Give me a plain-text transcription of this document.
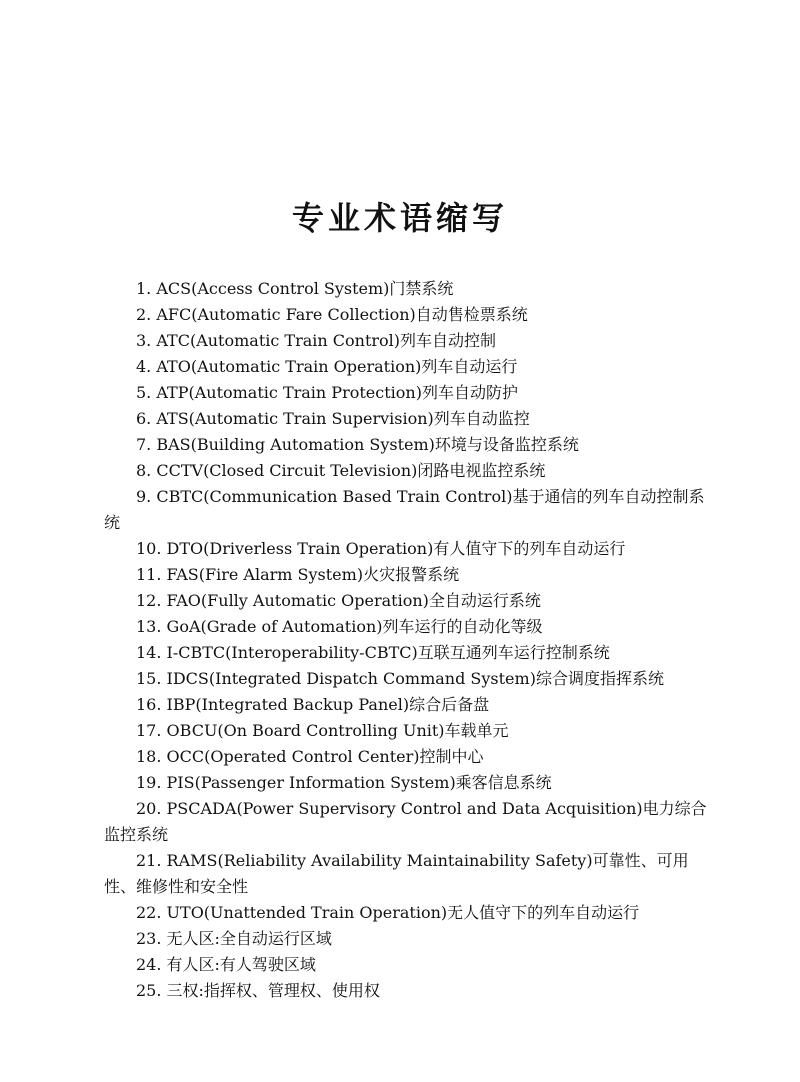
专业术语缩写
1. ACS(Access Control System)门禁系统
2. AFC(Automatic Fare Collection)自动售检票系统
3. ATC(Automatic Train Control)列车自动控制
4. ATO(Automatic Train Operation)列车自动运行
5. ATP(Automatic Train Protection)列车自动防护
6. ATS(Automatic Train Supervision)列车自动监控
7. BAS(Building Automation System)环境与设备监控系统
8. CCTV(Closed Circuit Television)闭路电视监控系统
9. CBTC(Communication Based Train Control)基于通信的列车自动控制系统
10. DTO(Driverless Train Operation)有人值守下的列车自动运行
11. FAS(Fire Alarm System)火灾报警系统
12. FAO(Fully Automatic Operation)全自动运行系统
13. GoA(Grade of Automation)列车运行的自动化等级
14. I-CBTC(Interoperability-CBTC)互联互通列车运行控制系统
15. IDCS(Integrated Dispatch Command System)综合调度指挥系统
16. IBP(Integrated Backup Panel)综合后备盘
17. OBCU(On Board Controlling Unit)车载单元
18. OCC(Operated Control Center)控制中心
19. PIS(Passenger Information System)乘客信息系统
20. PSCADA(Power Supervisory Control and Data Acquisition)电力综合监控系统
21. RAMS(Reliability Availability Maintainability Safety)可靠性、可用性、维修性和安全性
22. UTO(Unattended Train Operation)无人值守下的列车自动运行
23. 无人区:全自动运行区域
24. 有人区:有人驾驶区域
25. 三权:指挥权、管理权、使用权
